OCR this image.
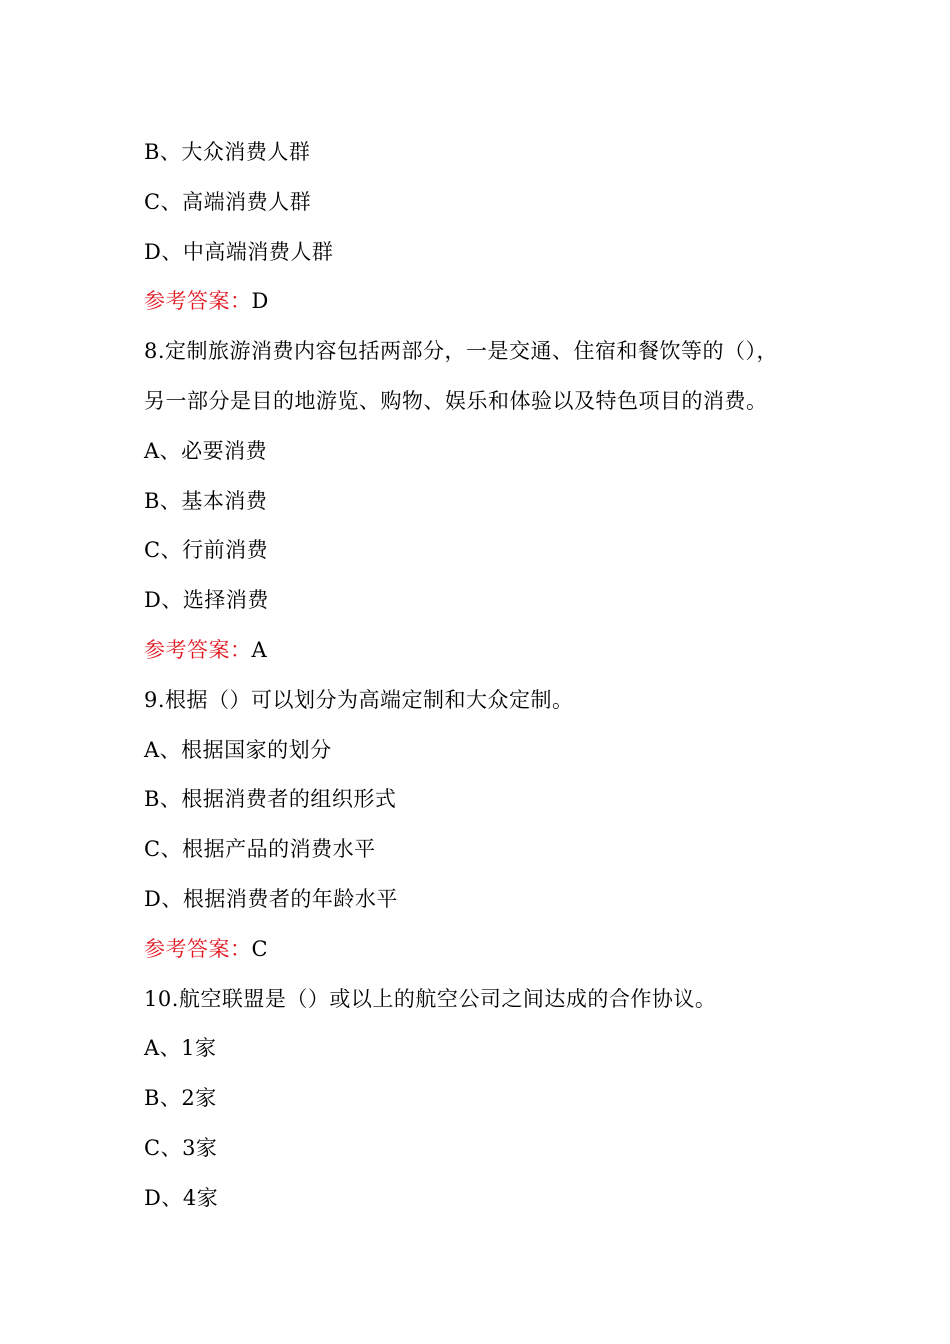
B、大众消费人群
C、高端消费人群
D、中高端消费人群
参考答案：D
8.定制旅游消费内容包括两部分，一是交通、住宿和餐饮等的（），
另一部分是目的地游览、购物、娱乐和体验以及特色项目的消费。
A、必要消费
B、基本消费
C、行前消费
D、选择消费
参考答案：A
9.根据（）可以划分为高端定制和大众定制。
A、根据国家的划分
B、根据消费者的组织形式
C、根据产品的消费水平
D、根据消费者的年龄水平
参考答案：C
10.航空联盟是（）或以上的航空公司之间达成的合作协议。
A、1家
B、2家
C、3家
D、4家
